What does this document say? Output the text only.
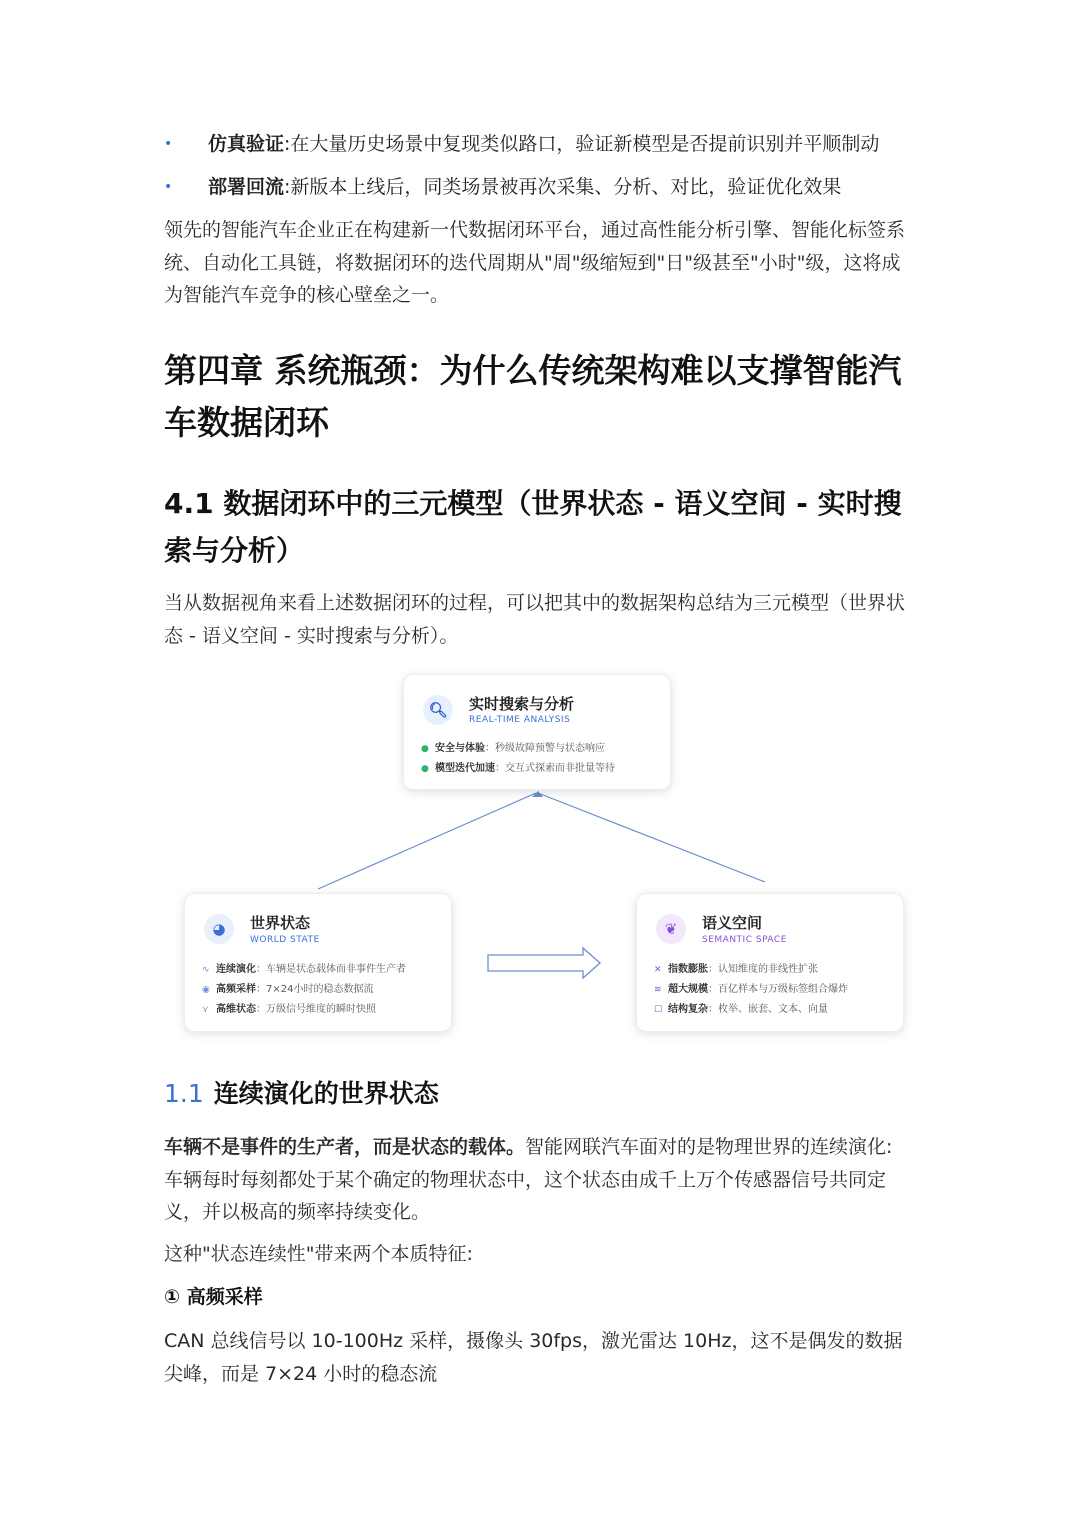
• 仿真验证:在大量历史场景中复现类似路口，验证新模型是否提前识别并平顺制动
• 部署回流:新版本上线后，同类场景被再次采集、分析、对比，验证优化效果
领先的智能汽车企业正在构建新一代数据闭环平台，通过高性能分析引擎、智能化标签系统、自动化工具链，将数据闭环的迭代周期从"周"级缩短到"日"级甚至"小时"级，这将成为智能汽车竞争的核心壁垒之一。
第四章 系统瓶颈：为什么传统架构难以支撑智能汽车数据闭环
4.1 数据闭环中的三元模型（世界状态 - 语义空间 - 实时搜索与分析）
当从数据视角来看上述数据闭环的过程，可以把其中的数据架构总结为三元模型（世界状态 - 语义空间 - 实时搜索与分析）。
1.1 连续演化的世界状态
车辆不是事件的生产者，而是状态的载体。智能网联汽车面对的是物理世界的连续演化:车辆每时每刻都处于某个确定的物理状态中，这个状态由成千上万个传感器信号共同定义，并以极高的频率持续变化。
这种"状态连续性"带来两个本质特征:
① 高频采样
CAN 总线信号以 10-100Hz 采样，摄像头 30fps，激光雷达 10Hz，这不是偶发的数据尖峰，而是 7×24 小时的稳态流
🔍︎	实时搜索与分析
REAL-TIME ANALYSIS
● 安全与体验：秒级故障预警与状态响应
● 模型迭代加速：交互式探索而非批量等待
◕	世界状态
WORLD STATE
∿ 连续演化：车辆是状态载体而非事件生产者
◉ 高频采样：7×24小时的稳态数据流
⋎ 高维状态：万级信号维度的瞬时快照
❦	语义空间
SEMANTIC SPACE
✕ 指数膨胀：认知维度的非线性扩张
≋ 超大规模：百亿样本与万级标签组合爆炸
☐ 结构复杂：枚举、嵌套、文本、向量
